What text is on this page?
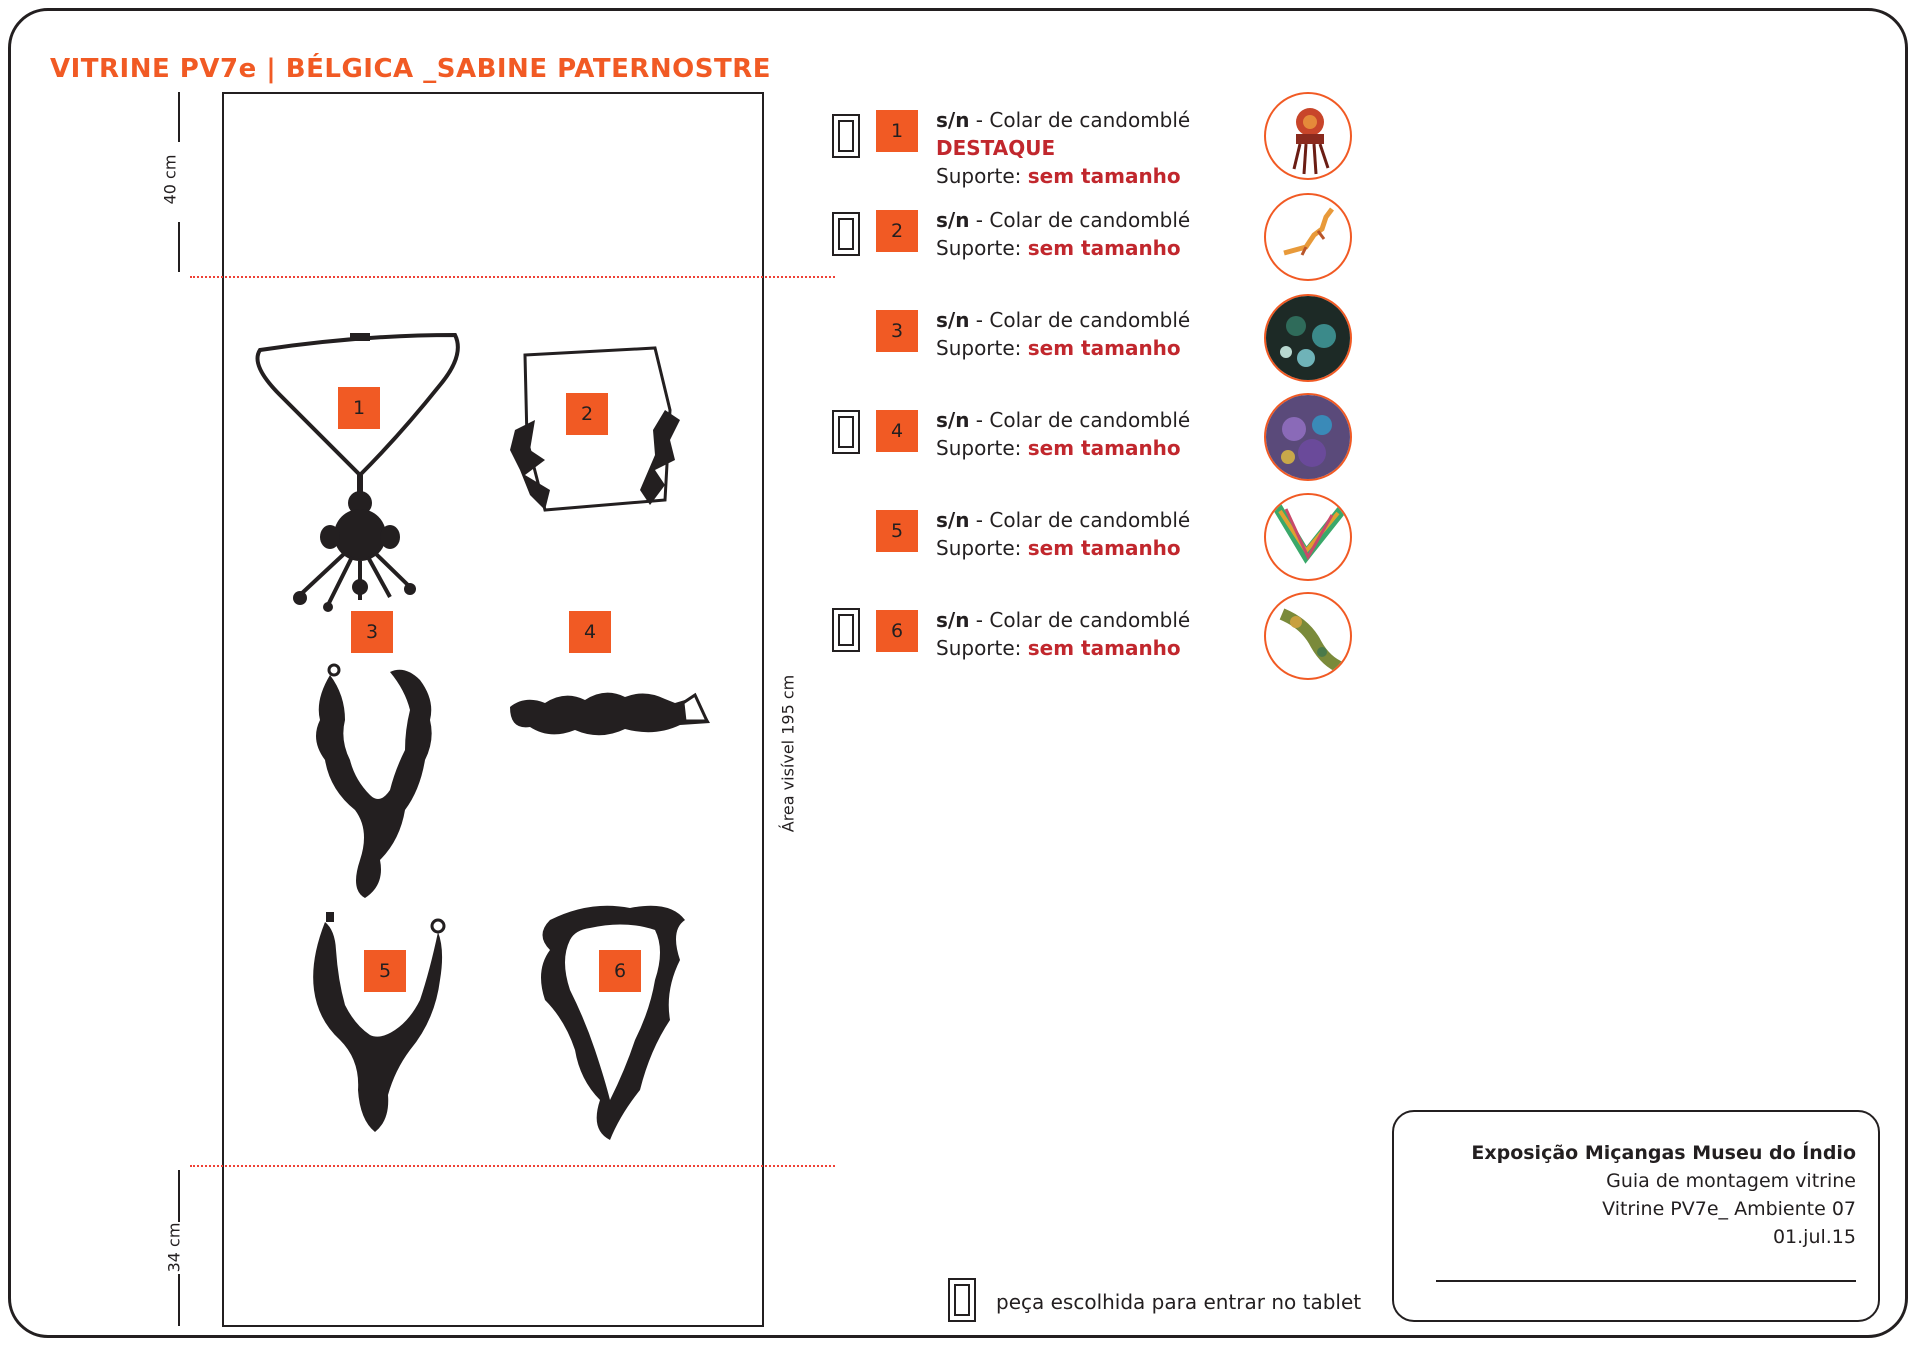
VITRINE PV7e | BÉLGICA _SABINE PATERNOSTRE
40 cm
34 cm
Área visível 195 cm
1	2
3	4
5	6
1	s/n - Colar de candomblé
DESTAQUE
Suporte: sem tamanho
2	s/n - Colar de candomblé
Suporte: sem tamanho
3	s/n - Colar de candomblé
Suporte: sem tamanho
4	s/n - Colar de candomblé
Suporte: sem tamanho
5	s/n - Colar de candomblé
Suporte: sem tamanho
6	s/n - Colar de candomblé
Suporte: sem tamanho
peça escolhida para entrar no tablet
Exposição Miçangas Museu do Índio
Guia de montagem vitrine
Vitrine PV7e_ Ambiente 07
01.jul.15
